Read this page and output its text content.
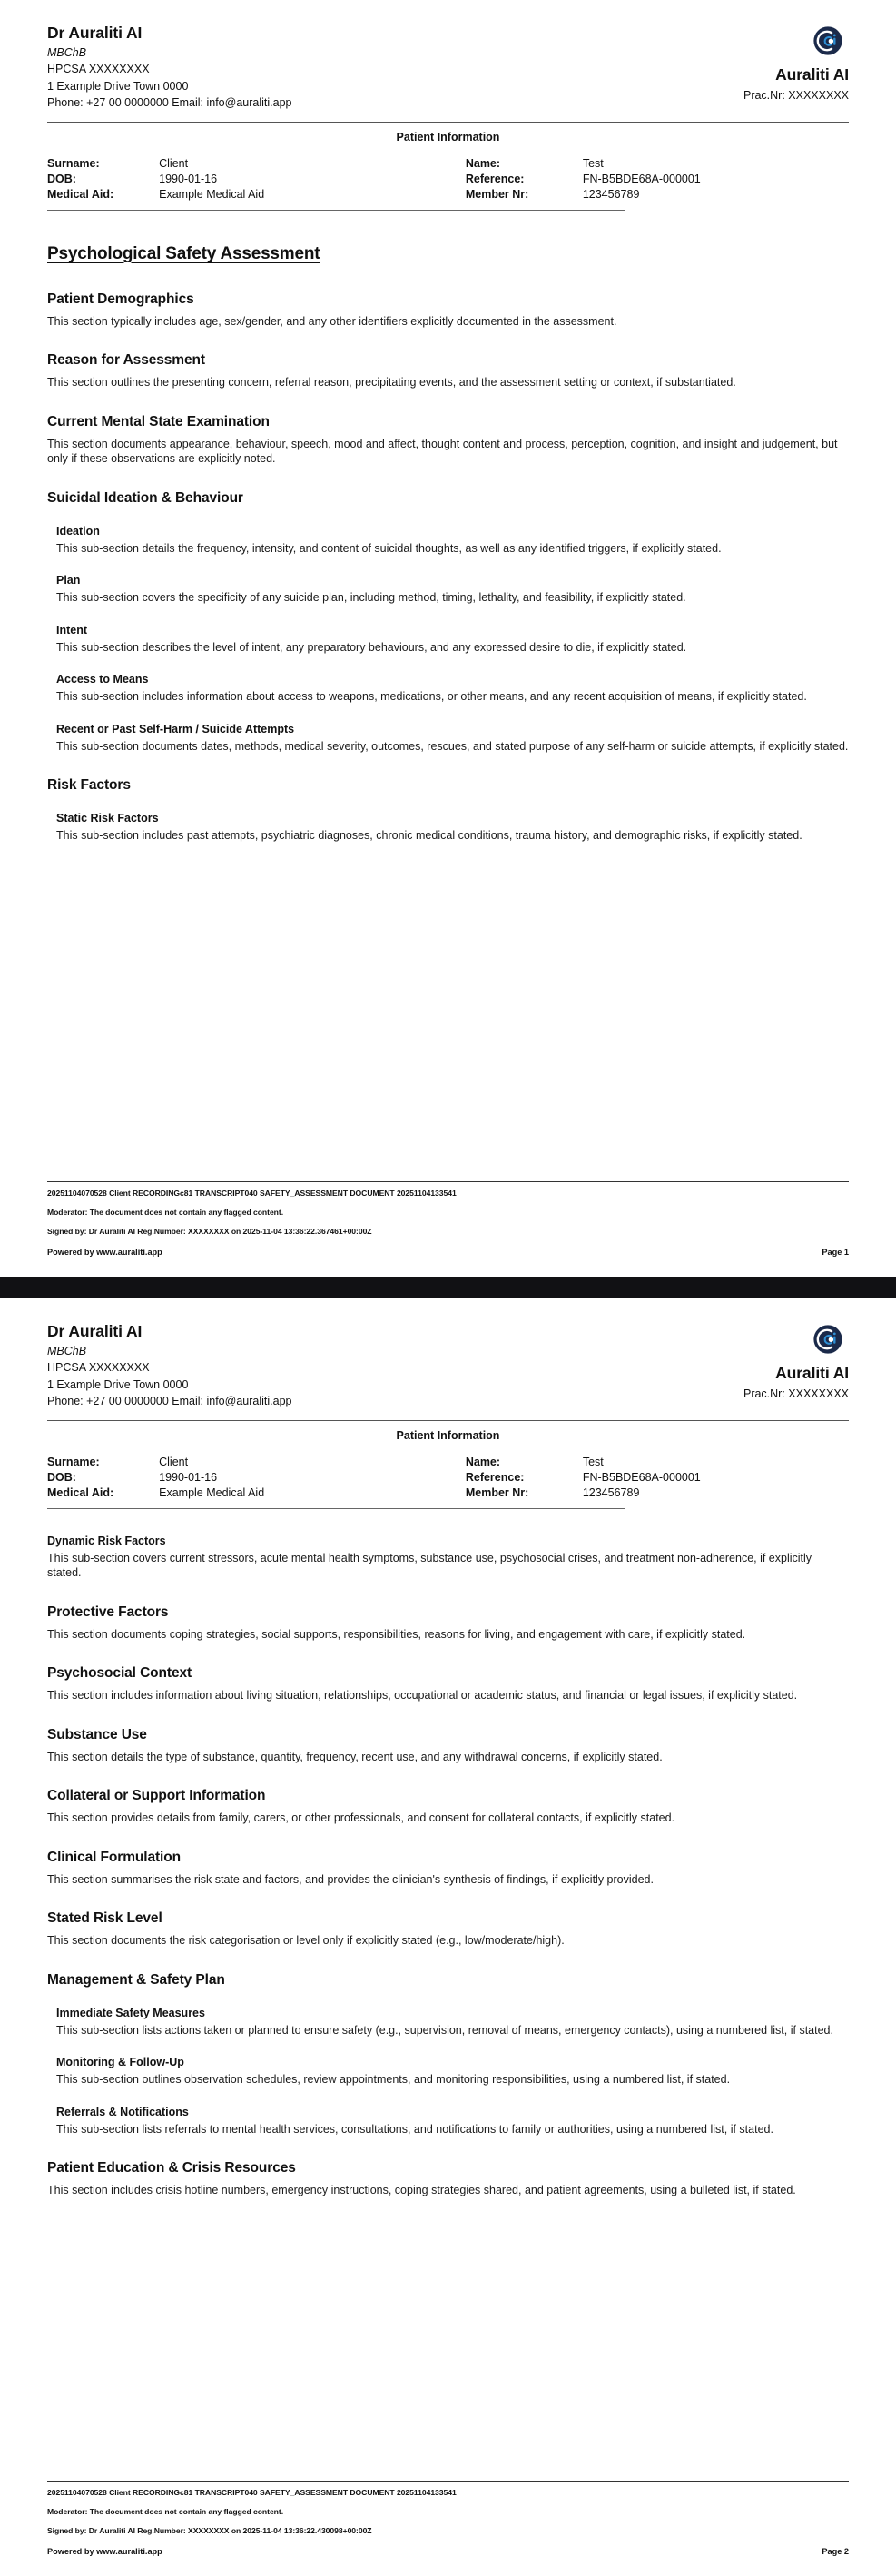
Dr Auraliti AI
MBChB
HPCSA XXXXXXXX
1 Example Drive Town 0000
Phone: +27 00 0000000 Email: info@auraliti.app
Auraliti AI
Prac.Nr: XXXXXXXX
Patient Information
Surname:	Client	Name:	Test
DOB:	1990-01-16	Reference:	FN-B5BDE68A-000001
Medical Aid:	Example Medical Aid	Member Nr:	123456789
Psychological Safety Assessment
Patient Demographics

This section typically includes age, sex/gender, and any other identifiers explicitly documented in the assessment.

Reason for Assessment

This section outlines the presenting concern, referral reason, precipitating events, and the assessment setting or context, if substantiated.

Current Mental State Examination

This section documents appearance, behaviour, speech, mood and affect, thought content and process, perception, cognition, and insight and judgement, but only if these observations are explicitly noted.

Suicidal Ideation & Behaviour
Ideation

This sub-section details the frequency, intensity, and content of suicidal thoughts, as well as any identified triggers, if explicitly stated.

Plan

This sub-section covers the specificity of any suicide plan, including method, timing, lethality, and feasibility, if explicitly stated.

Intent

This sub-section describes the level of intent, any preparatory behaviours, and any expressed desire to die, if explicitly stated.

Access to Means

This sub-section includes information about access to weapons, medications, or other means, and any recent acquisition of means, if explicitly stated.

Recent or Past Self-Harm / Suicide Attempts

This sub-section documents dates, methods, medical severity, outcomes, rescues, and stated purpose of any self-harm or suicide attempts, if explicitly stated.

Risk Factors
Static Risk Factors

This sub-section includes past attempts, psychiatric diagnoses, chronic medical conditions, trauma history, and demographic risks, if explicitly stated.

20251104070528 Client RECORDINGc81 TRANSCRIPT040 SAFETY_ASSESSMENT DOCUMENT 20251104133541
Moderator: The document does not contain any flagged content.
Signed by: Dr Auraliti AI Reg.Number: XXXXXXXX on 2025-11-04 13:36:22.367461+00:00Z
Powered by www.auraliti.app	Page 1
Dr Auraliti AI
MBChB
HPCSA XXXXXXXX
1 Example Drive Town 0000
Phone: +27 00 0000000 Email: info@auraliti.app
Auraliti AI
Prac.Nr: XXXXXXXX
Patient Information
Surname:	Client	Name:	Test
DOB:	1990-01-16	Reference:	FN-B5BDE68A-000001
Medical Aid:	Example Medical Aid	Member Nr:	123456789
Dynamic Risk Factors

This sub-section covers current stressors, acute mental health symptoms, substance use, psychosocial crises, and treatment non-adherence, if explicitly stated.

Protective Factors

This section documents coping strategies, social supports, responsibilities, reasons for living, and engagement with care, if explicitly stated.

Psychosocial Context

This section includes information about living situation, relationships, occupational or academic status, and financial or legal issues, if explicitly stated.

Substance Use

This section details the type of substance, quantity, frequency, recent use, and any withdrawal concerns, if explicitly stated.

Collateral or Support Information

This section provides details from family, carers, or other professionals, and consent for collateral contacts, if explicitly stated.

Clinical Formulation

This section summarises the risk state and factors, and provides the clinician's synthesis of findings, if explicitly provided.

Stated Risk Level

This section documents the risk categorisation or level only if explicitly stated (e.g., low/moderate/high).

Management & Safety Plan
Immediate Safety Measures

This sub-section lists actions taken or planned to ensure safety (e.g., supervision, removal of means, emergency contacts), using a numbered list, if stated.

Monitoring & Follow-Up

This sub-section outlines observation schedules, review appointments, and monitoring responsibilities, using a numbered list, if stated.

Referrals & Notifications

This sub-section lists referrals to mental health services, consultations, and notifications to family or authorities, using a numbered list, if stated.

Patient Education & Crisis Resources

This section includes crisis hotline numbers, emergency instructions, coping strategies shared, and patient agreements, using a bulleted list, if stated.

20251104070528 Client RECORDINGc81 TRANSCRIPT040 SAFETY_ASSESSMENT DOCUMENT 20251104133541
Moderator: The document does not contain any flagged content.
Signed by: Dr Auraliti AI Reg.Number: XXXXXXXX on 2025-11-04 13:36:22.430098+00:00Z
Powered by www.auraliti.app	Page 2
